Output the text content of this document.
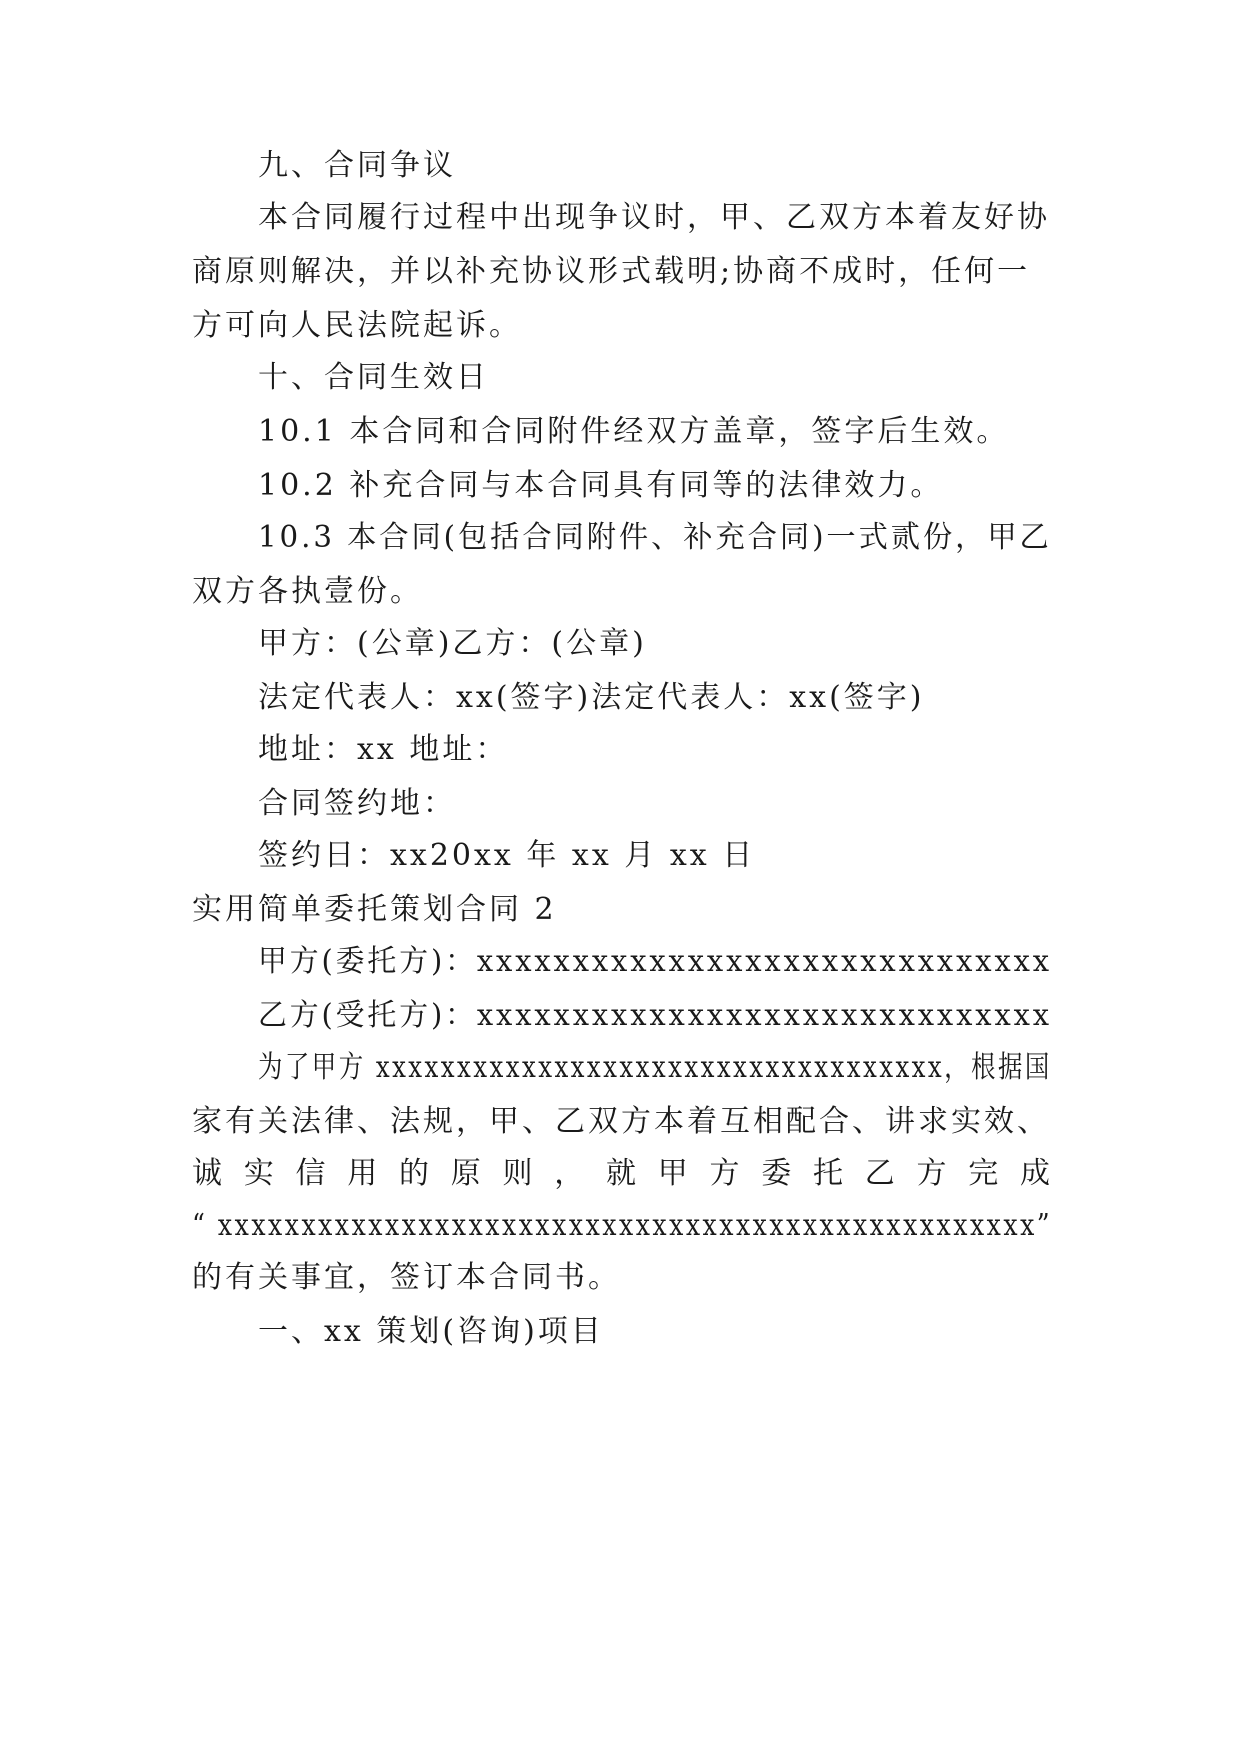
九、合同争议

本合同履行过程中出现争议时，甲、乙双方本着友好协

商原则解决，并以补充协议形式载明;协商不成时，任何一

方可向人民法院起诉。

十、合同生效日

10.1 本合同和合同附件经双方盖章，签字后生效。

10.2 补充合同与本合同具有同等的法律效力。

10.3 本合同(包括合同附件、补充合同)一式贰份，甲乙

双方各执壹份。

甲方：(公章)乙方：(公章)

法定代表人：xx(签字)法定代表人：xx(签字)

地址：xx 地址：

合同签约地：

签约日：xx20xx 年 xx 月 xx 日

实用简单委托策划合同 2

甲方(委托方)：xxxxxxxxxxxxxxxxxxxxxxxxxxxxxx

乙方(受托方)：xxxxxxxxxxxxxxxxxxxxxxxxxxxxxx

为了甲方 xxxxxxxxxxxxxxxxxxxxxxxxxxxxxxxxxxx，根据国

家有关法律、法规，甲、乙双方本着互相配合、讲求实效、

诚 实 信 用 的 原 则 ， 就 甲 方 委 托 乙 方 完 成

“ xxxxxxxxxxxxxxxxxxxxxxxxxxxxxxxxxxxxxxxxxxxxxxxxx”

的有关事宜，签订本合同书。

一、xx 策划(咨询)项目
